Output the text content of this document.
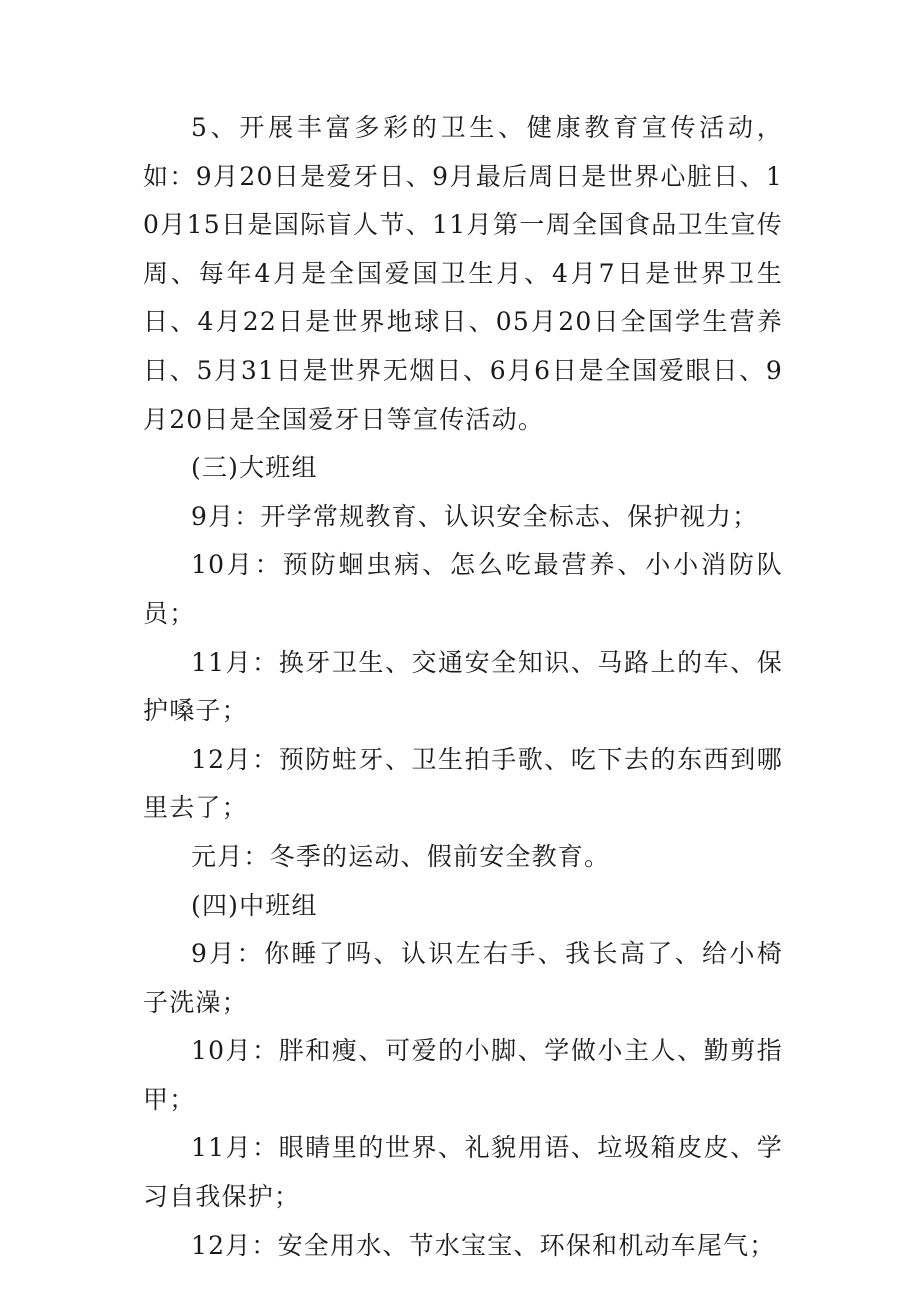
5、开展丰富多彩的卫生、健康教育宣传活动，如：9月20日是爱牙日、9月最后周日是世界心脏日、10月15日是国际盲人节、11月第一周全国食品卫生宣传周、每年4月是全国爱国卫生月、4月7日是世界卫生日、4月22日是世界地球日、05月20日全国学生营养日、5月31日是世界无烟日、6月6日是全国爱眼日、9月20日是全国爱牙日等宣传活动。

(三)大班组

9月：开学常规教育、认识安全标志、保护视力；

10月：预防蛔虫病、怎么吃最营养、小小消防队员；

11月：换牙卫生、交通安全知识、马路上的车、保护嗓子；

12月：预防蛀牙、卫生拍手歌、吃下去的东西到哪里去了；

元月：冬季的运动、假前安全教育。

(四)中班组

9月：你睡了吗、认识左右手、我长高了、给小椅子洗澡；

10月：胖和瘦、可爱的小脚、学做小主人、勤剪指甲；

11月：眼睛里的世界、礼貌用语、垃圾箱皮皮、学习自我保护；

12月：安全用水、节水宝宝、环保和机动车尾气；
